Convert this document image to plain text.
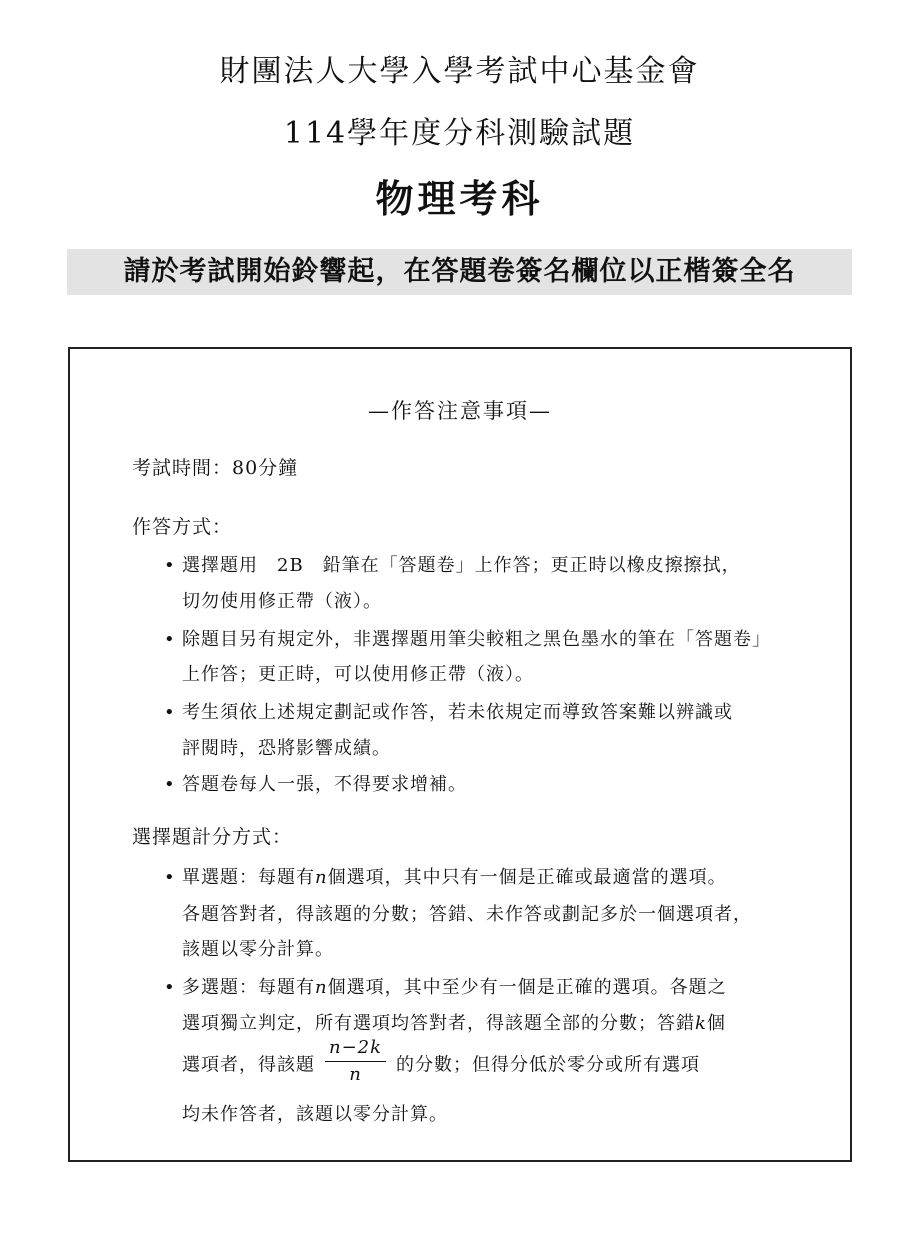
財團法人大學入學考試中心基金會
114學年度分科測驗試題
物理考科
請於考試開始鈴響起，在答題卷簽名欄位以正楷簽全名
—作答注意事項—
考試時間：80分鐘
作答方式：
• 選擇題用　2B　鉛筆在「答題卷」上作答；更正時以橡皮擦擦拭，
切勿使用修正帶（液）。
• 除題目另有規定外，非選擇題用筆尖較粗之黑色墨水的筆在「答題卷」
上作答；更正時，可以使用修正帶（液）。
• 考生須依上述規定劃記或作答，若未依規定而導致答案難以辨識或
評閱時，恐將影響成績。
• 答題卷每人一張，不得要求增補。
選擇題計分方式：
• 單選題：每題有n個選項，其中只有一個是正確或最適當的選項。
各題答對者，得該題的分數；答錯、未作答或劃記多於一個選項者，
該題以零分計算。
• 多選題：每題有n個選項，其中至少有一個是正確的選項。各題之
選項獨立判定，所有選項均答對者，得該題全部的分數；答錯k個
選項者，得該題 $\frac{n-2k}{n}$ 的分數；但得分低於零分或所有選項
均未作答者，該題以零分計算。
